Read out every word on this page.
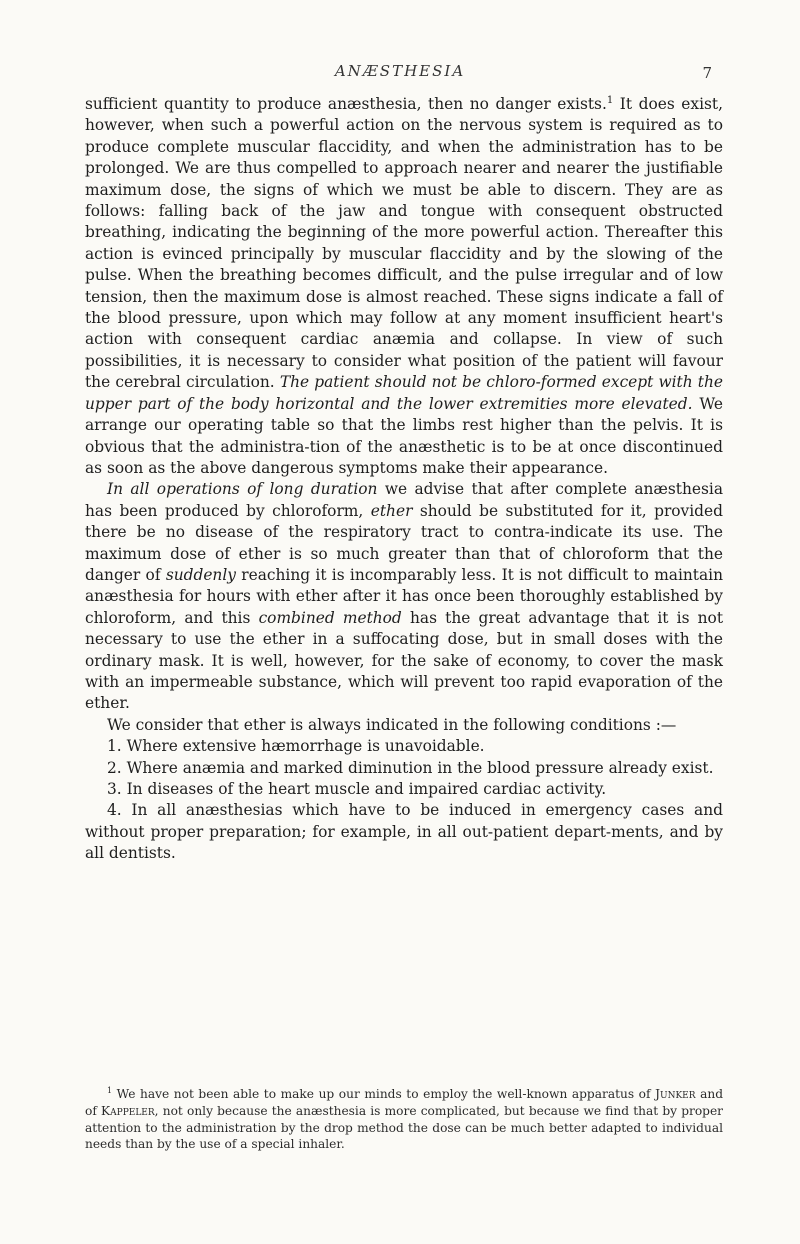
ANÆSTHESIA	7

sufficient quantity to produce anæsthesia, then no danger exists.$^1$ It does exist, however, when such a powerful action on the nervous system is required as to produce complete muscular flaccidity, and when the administration has to be prolonged. We are thus compelled to approach nearer and nearer the justifiable maximum dose, the signs of which we must be able to discern. They are as follows: falling back of the jaw and tongue with consequent obstructed breathing, indicating the beginning of the more powerful action. Thereafter this action is evinced principally by muscular flaccidity and by the slowing of the pulse. When the breathing becomes difficult, and the pulse irregular and of low tension, then the maximum dose is almost reached. These signs indicate a fall of the blood pressure, upon which may follow at any moment insufficient heart's action with consequent cardiac anæmia and collapse. In view of such possibilities, it is necessary to consider what position of the patient will favour the cerebral circulation. The patient should not be chloro-formed except with the upper part of the body horizontal and the lower extremities more elevated. We arrange our operating table so that the limbs rest higher than the pelvis. It is obvious that the administra-tion of the anæsthetic is to be at once discontinued as soon as the above dangerous symptoms make their appearance.

In all operations of long duration we advise that after complete anæsthesia has been produced by chloroform, ether should be substituted for it, provided there be no disease of the respiratory tract to contra-indicate its use. The maximum dose of ether is so much greater than that of chloroform that the danger of suddenly reaching it is incomparably less. It is not difficult to maintain anæsthesia for hours with ether after it has once been thoroughly established by chloroform, and this combined method has the great advantage that it is not necessary to use the ether in a suffocating dose, but in small doses with the ordinary mask. It is well, however, for the sake of economy, to cover the mask with an impermeable substance, which will prevent too rapid evaporation of the ether.

We consider that ether is always indicated in the following conditions :—

1. Where extensive hæmorrhage is unavoidable.

2. Where anæmia and marked diminution in the blood pressure already exist.

3. In diseases of the heart muscle and impaired cardiac activity.

4. In all anæsthesias which have to be induced in emergency cases and without proper preparation; for example, in all out-patient depart-ments, and by all dentists.

$^1$ We have not been able to make up our minds to employ the well-known apparatus of Junker and of Kappeler, not only because the anæsthesia is more complicated, but because we find that by proper attention to the administration by the drop method the dose can be much better adapted to individual needs than by the use of a special inhaler.
